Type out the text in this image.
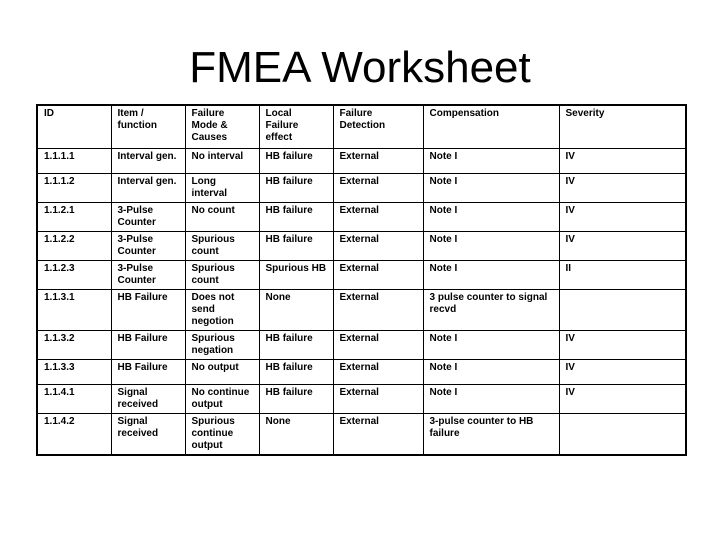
FMEA Worksheet
ID	Item / function	Failure Mode & Causes	Local Failure effect	Failure Detection	Compensation	Severity
1.1.1.1	Interval gen.	No interval	HB failure	External	Note I	IV
1.1.1.2	Interval gen.	Long interval	HB failure	External	Note I	IV
1.1.2.1	3-Pulse Counter	No count	HB failure	External	Note I	IV
1.1.2.2	3-Pulse Counter	Spurious count	HB failure	External	Note I	IV
1.1.2.3	3-Pulse Counter	Spurious count	Spurious HB	External	Note I	II
1.1.3.1	HB Failure	Does not send negotion	None	External	3 pulse counter to signal recvd	
1.1.3.2	HB Failure	Spurious negation	HB failure	External	Note I	IV
1.1.3.3	HB Failure	No output	HB failure	External	Note I	IV
1.1.4.1	Signal received	No continue output	HB failure	External	Note I	IV
1.1.4.2	Signal received	Spurious continue output	None	External	3-pulse counter to HB failure	
